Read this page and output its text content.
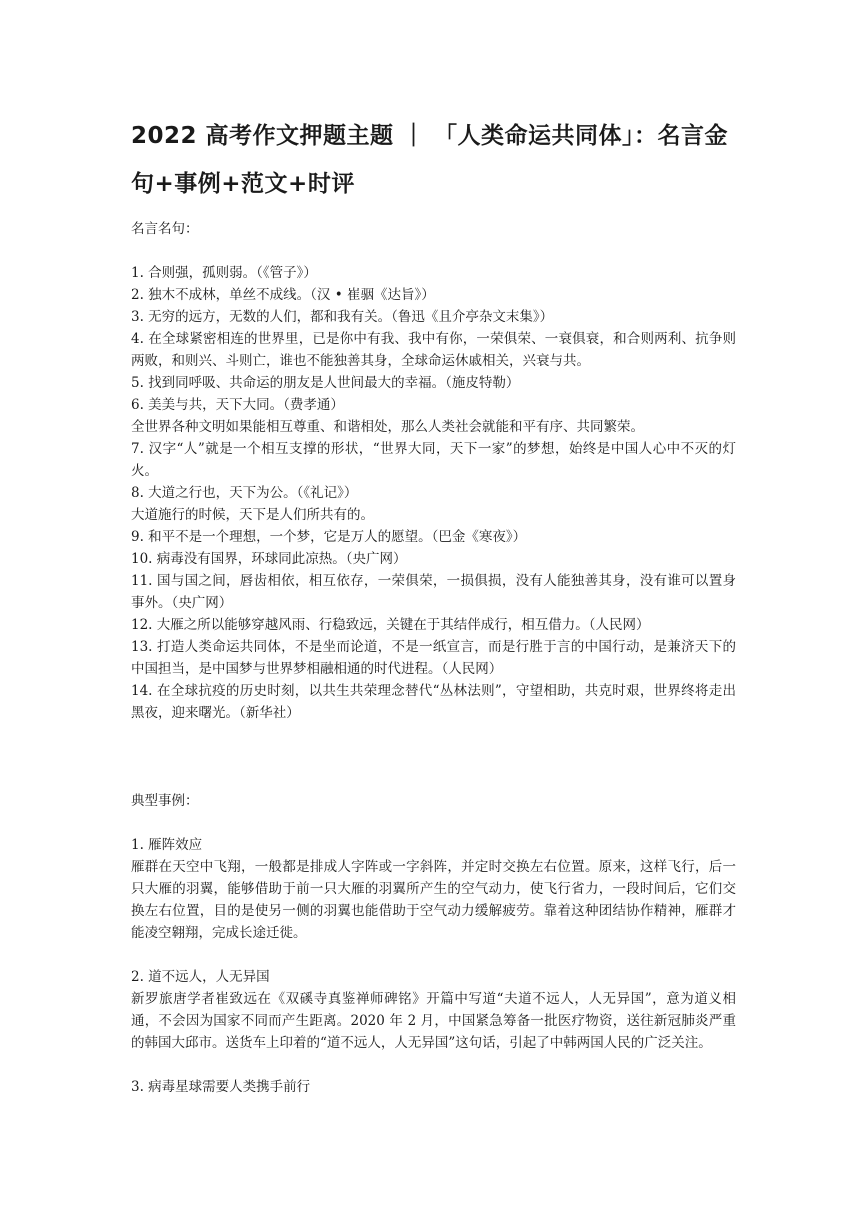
2022 高考作文押题主题 ｜ 「人类命运共同体」：名言金句+事例+范文+时评
名言名句：
1. 合则强，孤则弱。（《管子》）
2. 独木不成林，单丝不成线。（汉 • 崔骃《达旨》）
3. 无穷的远方，无数的人们，都和我有关。（鲁迅《且介亭杂文末集》）
4. 在全球紧密相连的世界里，已是你中有我、我中有你，一荣俱荣、一衰俱衰，和合则两利、抗争则两败，和则兴、斗则亡，谁也不能独善其身，全球命运休戚相关，兴衰与共。
5. 找到同呼吸、共命运的朋友是人世间最大的幸福。（施皮特勒）
6. 美美与共，天下大同。（费孝通）
全世界各种文明如果能相互尊重、和谐相处，那么人类社会就能和平有序、共同繁荣。
7. 汉字“人”就是一个相互支撑的形状，“世界大同，天下一家”的梦想，始终是中国人心中不灭的灯火。
8. 大道之行也，天下为公。（《礼记》）
大道施行的时候，天下是人们所共有的。
9. 和平不是一个理想，一个梦，它是万人的愿望。（巴金《寒夜》）
10. 病毒没有国界，环球同此凉热。（央广网）
11. 国与国之间，唇齿相依，相互依存，一荣俱荣，一损俱损，没有人能独善其身，没有谁可以置身事外。（央广网）
12. 大雁之所以能够穿越风雨、行稳致远，关键在于其结伴成行，相互借力。（人民网）
13. 打造人类命运共同体，不是坐而论道，不是一纸宣言，而是行胜于言的中国行动，是兼济天下的中国担当，是中国梦与世界梦相融相通的时代进程。（人民网）
14. 在全球抗疫的历史时刻，以共生共荣理念替代“丛林法则”，守望相助，共克时艰，世界终将走出黑夜，迎来曙光。（新华社）
典型事例：
1. 雁阵效应
雁群在天空中飞翔，一般都是排成人字阵或一字斜阵，并定时交换左右位置。原来，这样飞行，后一只大雁的羽翼，能够借助于前一只大雁的羽翼所产生的空气动力，使飞行省力，一段时间后，它们交换左右位置，目的是使另一侧的羽翼也能借助于空气动力缓解疲劳。靠着这种团结协作精神，雁群才能凌空翱翔，完成长途迁徙。
2. 道不远人，人无异国
新罗旅唐学者崔致远在《双磎寺真鉴禅师碑铭》开篇中写道“夫道不远人，人无异国”，意为道义相通，不会因为国家不同而产生距离。2020 年 2 月，中国紧急筹备一批医疗物资，送往新冠肺炎严重的韩国大邱市。送货车上印着的“道不远人，人无异国”这句话，引起了中韩两国人民的广泛关注。
3. 病毒星球需要人类携手前行
